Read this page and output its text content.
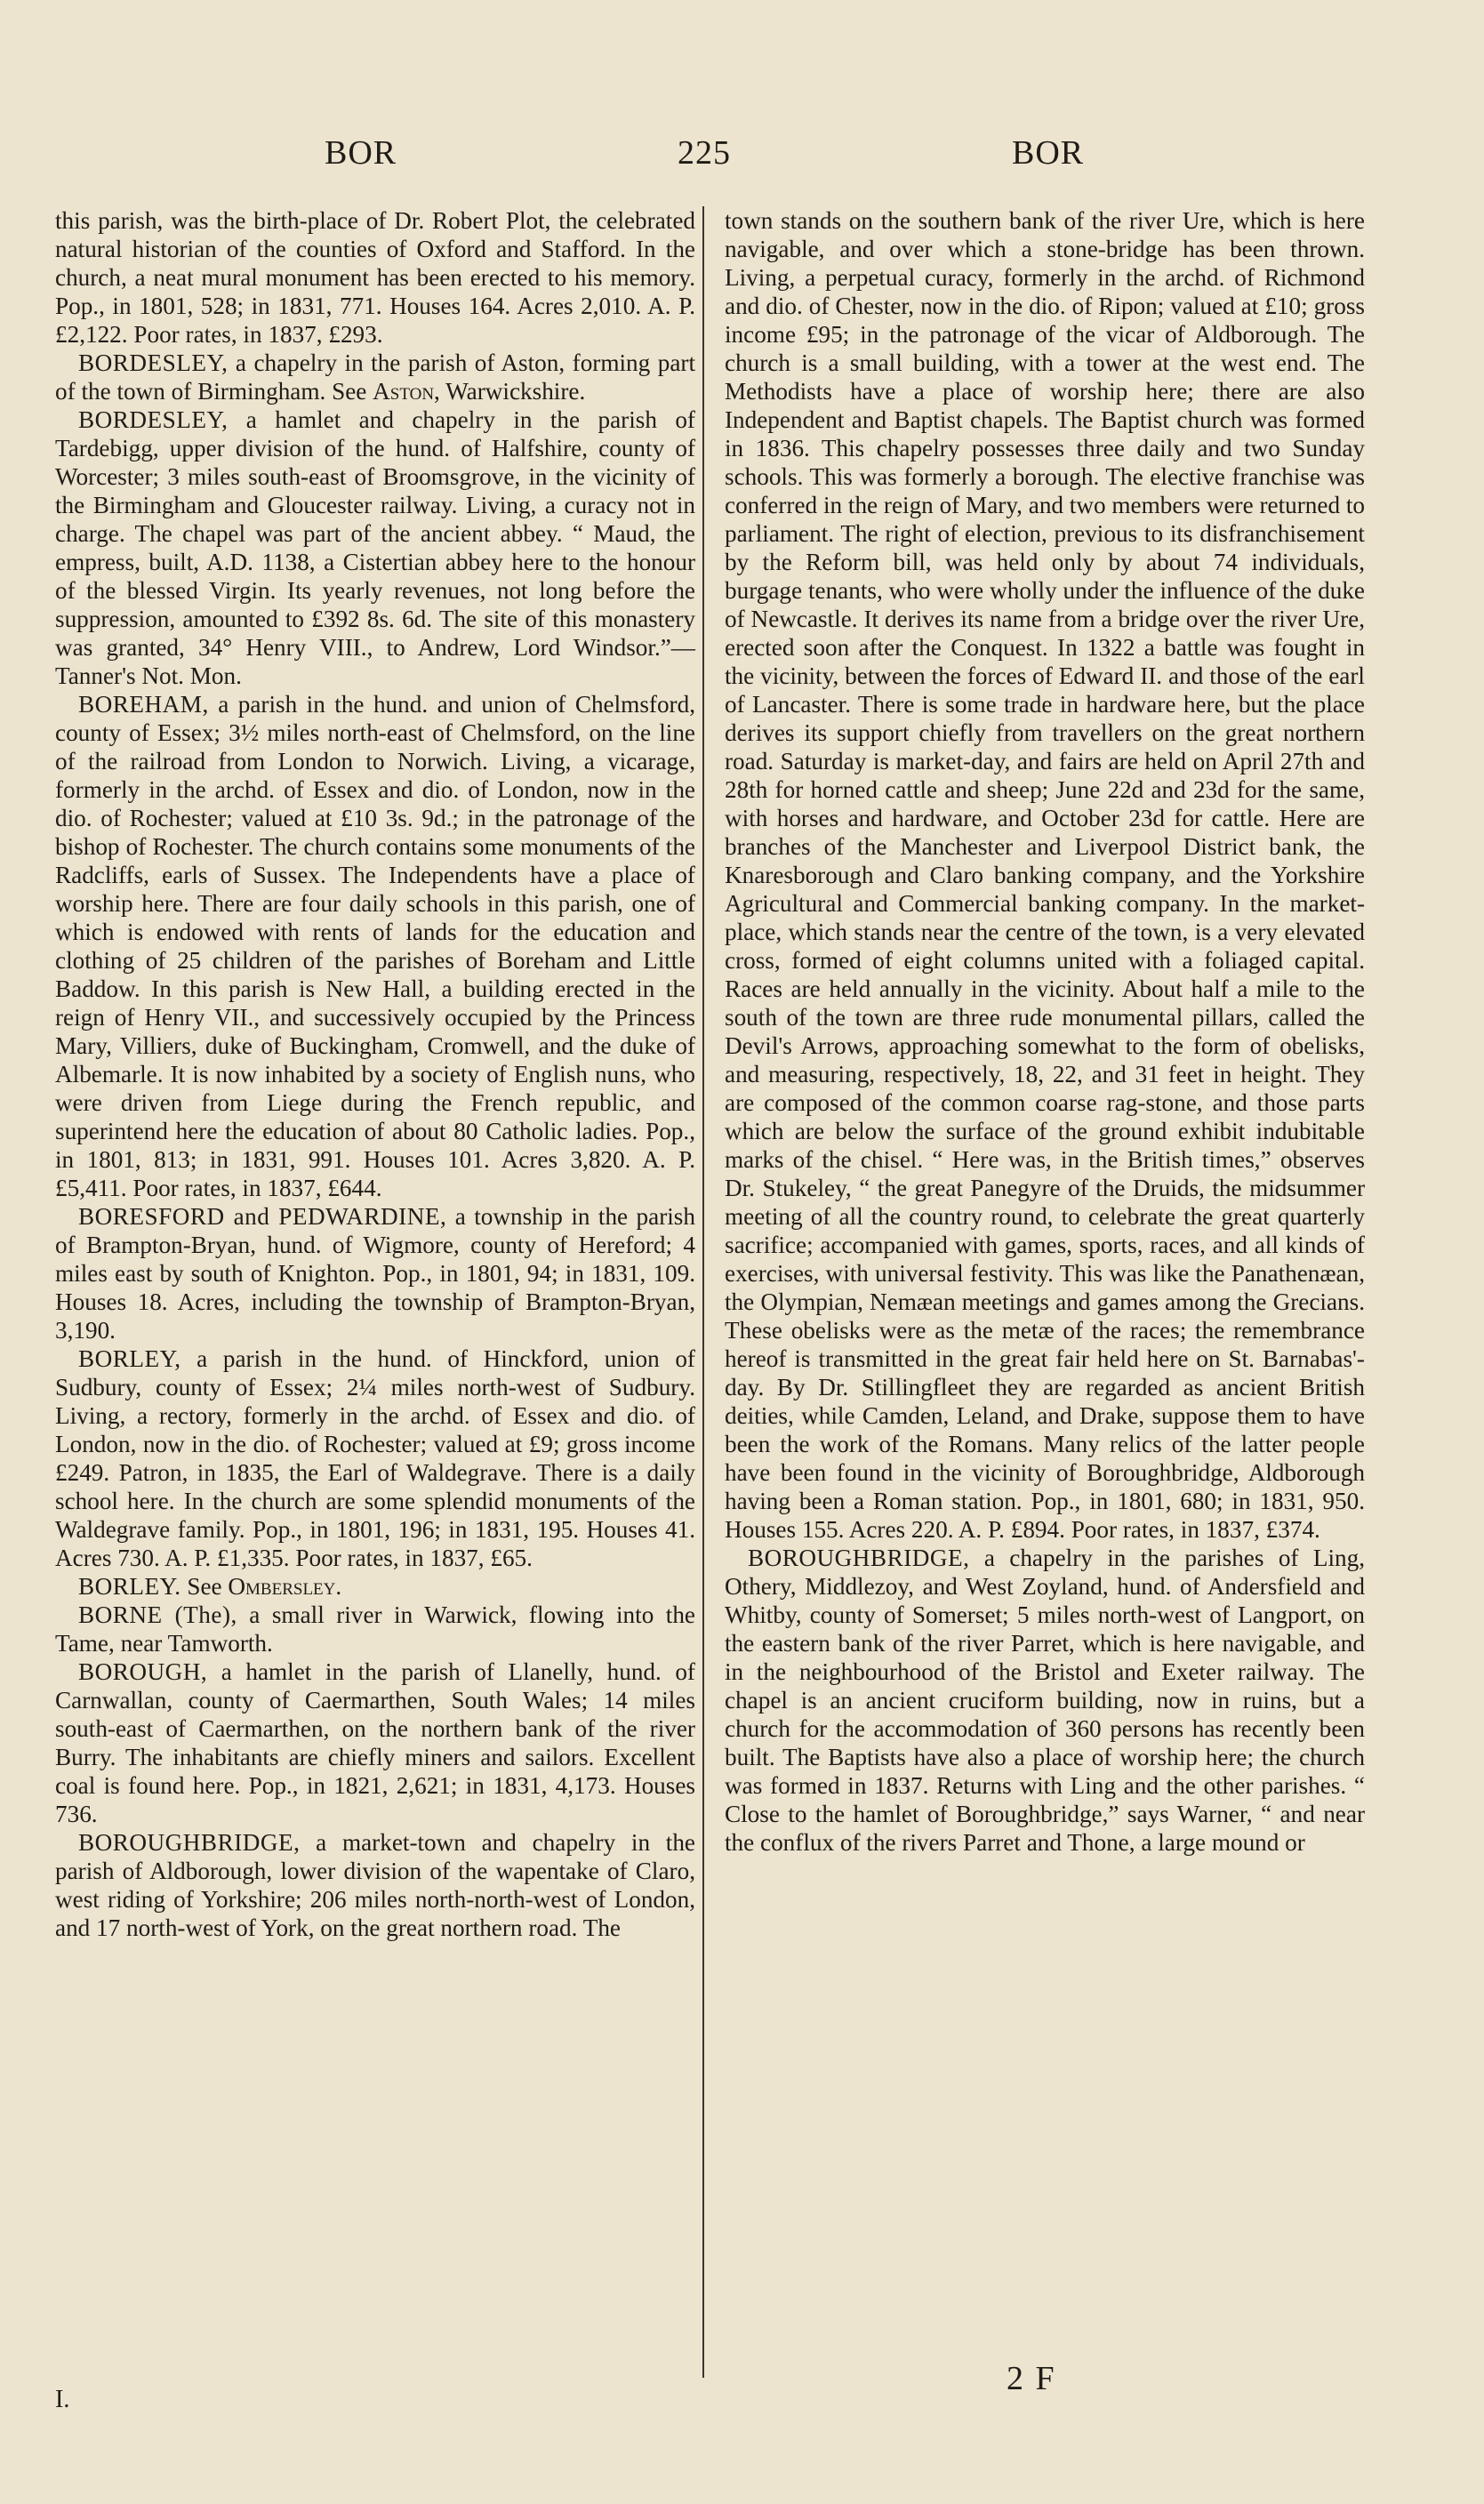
BOR	225	BOR

this parish, was the birth-place of Dr. Robert Plot, the celebrated natural historian of the counties of Oxford and Stafford. In the church, a neat mural monument has been erected to his memory. Pop., in 1801, 528; in 1831, 771. Houses 164. Acres 2,010. A. P. £2,122. Poor rates, in 1837, £293.

BORDESLEY, a chapelry in the parish of Aston, forming part of the town of Birmingham. See Aston, Warwickshire.

BORDESLEY, a hamlet and chapelry in the parish of Tardebigg, upper division of the hund. of Halfshire, county of Worcester; 3 miles south-east of Broomsgrove, in the vicinity of the Birmingham and Gloucester railway. Living, a curacy not in charge. The chapel was part of the ancient abbey. “ Maud, the empress, built, A.D. 1138, a Cistertian abbey here to the honour of the blessed Virgin. Its yearly revenues, not long before the suppression, amounted to £392 8s. 6d. The site of this monastery was granted, 34° Henry VIII., to Andrew, Lord Windsor.”—Tanner's Not. Mon.

BOREHAM, a parish in the hund. and union of Chelmsford, county of Essex; 3½ miles north-east of Chelmsford, on the line of the railroad from London to Norwich. Living, a vicarage, formerly in the archd. of Essex and dio. of London, now in the dio. of Rochester; valued at £10 3s. 9d.; in the patronage of the bishop of Rochester. The church contains some monuments of the Radcliffs, earls of Sussex. The Independents have a place of worship here. There are four daily schools in this parish, one of which is endowed with rents of lands for the education and clothing of 25 children of the parishes of Boreham and Little Baddow. In this parish is New Hall, a building erected in the reign of Henry VII., and successively occupied by the Princess Mary, Villiers, duke of Buckingham, Cromwell, and the duke of Albemarle. It is now inhabited by a society of English nuns, who were driven from Liege during the French republic, and superintend here the education of about 80 Catholic ladies. Pop., in 1801, 813; in 1831, 991. Houses 101. Acres 3,820. A. P. £5,411. Poor rates, in 1837, £644.

BORESFORD and PEDWARDINE, a township in the parish of Brampton-Bryan, hund. of Wigmore, county of Hereford; 4 miles east by south of Knighton. Pop., in 1801, 94; in 1831, 109. Houses 18. Acres, including the township of Brampton-Bryan, 3,190.

BORLEY, a parish in the hund. of Hinckford, union of Sudbury, county of Essex; 2¼ miles north-west of Sudbury. Living, a rectory, formerly in the archd. of Essex and dio. of London, now in the dio. of Rochester; valued at £9; gross income £249. Patron, in 1835, the Earl of Waldegrave. There is a daily school here. In the church are some splendid monuments of the Waldegrave family. Pop., in 1801, 196; in 1831, 195. Houses 41. Acres 730. A. P. £1,335. Poor rates, in 1837, £65.

BORLEY. See Ombersley.

BORNE (The), a small river in Warwick, flowing into the Tame, near Tamworth.

BOROUGH, a hamlet in the parish of Llanelly, hund. of Carnwallan, county of Caermarthen, South Wales; 14 miles south-east of Caermarthen, on the northern bank of the river Burry. The inhabitants are chiefly miners and sailors. Excellent coal is found here. Pop., in 1821, 2,621; in 1831, 4,173. Houses 736.

BOROUGHBRIDGE, a market-town and chapelry in the parish of Aldborough, lower division of the wapentake of Claro, west riding of Yorkshire; 206 miles north-north-west of London, and 17 north-west of York, on the great northern road. The

town stands on the southern bank of the river Ure, which is here navigable, and over which a stone-bridge has been thrown. Living, a perpetual curacy, formerly in the archd. of Richmond and dio. of Chester, now in the dio. of Ripon; valued at £10; gross income £95; in the patronage of the vicar of Aldborough. The church is a small building, with a tower at the west end. The Methodists have a place of worship here; there are also Independent and Baptist chapels. The Baptist church was formed in 1836. This chapelry possesses three daily and two Sunday schools. This was formerly a borough. The elective franchise was conferred in the reign of Mary, and two members were returned to parliament. The right of election, previous to its disfranchisement by the Reform bill, was held only by about 74 individuals, burgage tenants, who were wholly under the influence of the duke of Newcastle. It derives its name from a bridge over the river Ure, erected soon after the Conquest. In 1322 a battle was fought in the vicinity, between the forces of Edward II. and those of the earl of Lancaster. There is some trade in hardware here, but the place derives its support chiefly from travellers on the great northern road. Saturday is market-day, and fairs are held on April 27th and 28th for horned cattle and sheep; June 22d and 23d for the same, with horses and hardware, and October 23d for cattle. Here are branches of the Manchester and Liverpool District bank, the Knaresborough and Claro banking company, and the Yorkshire Agricultural and Commercial banking company. In the market-place, which stands near the centre of the town, is a very elevated cross, formed of eight columns united with a foliaged capital. Races are held annually in the vicinity. About half a mile to the south of the town are three rude monumental pillars, called the Devil's Arrows, approaching somewhat to the form of obelisks, and measuring, respectively, 18, 22, and 31 feet in height. They are composed of the common coarse rag-stone, and those parts which are below the surface of the ground exhibit indubitable marks of the chisel. “ Here was, in the British times,” observes Dr. Stukeley, “ the great Panegyre of the Druids, the midsummer meeting of all the country round, to celebrate the great quarterly sacrifice; accompanied with games, sports, races, and all kinds of exercises, with universal festivity. This was like the Panathenæan, the Olympian, Nemæan meetings and games among the Grecians. These obelisks were as the metæ of the races; the remembrance hereof is transmitted in the great fair held here on St. Barnabas'-day. By Dr. Stillingfleet they are regarded as ancient British deities, while Camden, Leland, and Drake, suppose them to have been the work of the Romans. Many relics of the latter people have been found in the vicinity of Boroughbridge, Aldborough having been a Roman station. Pop., in 1801, 680; in 1831, 950. Houses 155. Acres 220. A. P. £894. Poor rates, in 1837, £374.

BOROUGHBRIDGE, a chapelry in the parishes of Ling, Othery, Middlezoy, and West Zoyland, hund. of Andersfield and Whitby, county of Somerset; 5 miles north-west of Langport, on the eastern bank of the river Parret, which is here navigable, and in the neighbourhood of the Bristol and Exeter railway. The chapel is an ancient cruciform building, now in ruins, but a church for the accommodation of 360 persons has recently been built. The Baptists have also a place of worship here; the church was formed in 1837. Returns with Ling and the other parishes. “ Close to the hamlet of Boroughbridge,” says Warner, “ and near the conflux of the rivers Parret and Thone, a large mound or

I.
2 F
